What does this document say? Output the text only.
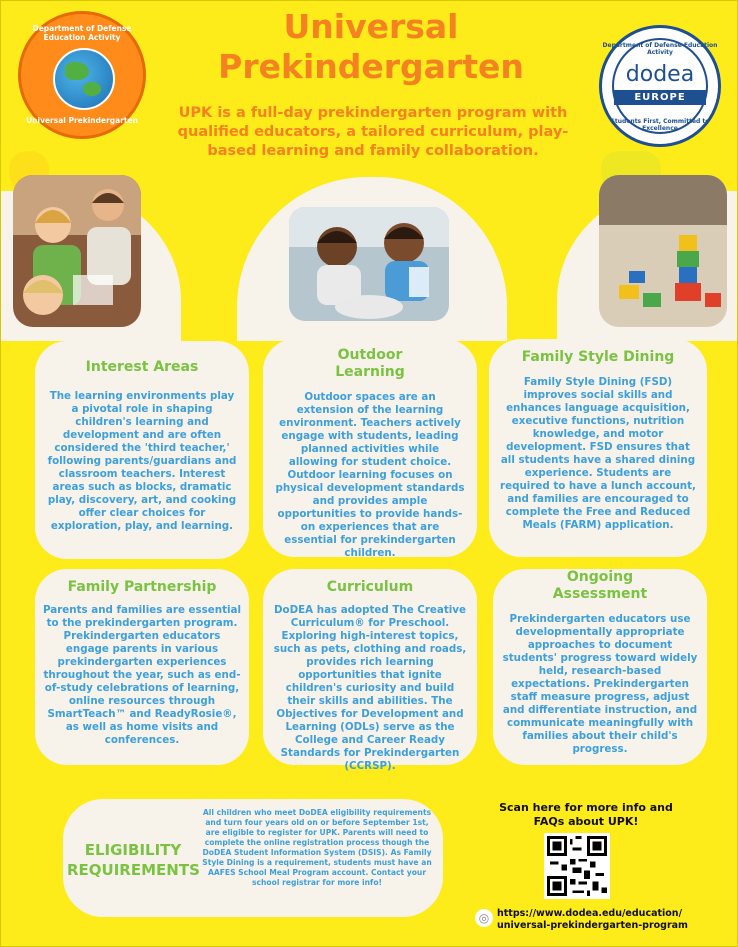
Universal Prekindergarten
UPK is a full-day prekindergarten program with qualified educators, a tailored curriculum, play-based learning and family collaboration.
Department of Defense Education Activity
Universal Prekindergarten
Department of Defense Education Activity
dodea
EUROPE
Students First, Committed to Excellence
Interest Areas
The learning environments play a pivotal role in shaping children's learning and development and are often considered the 'third teacher,' following parents/guardians and classroom teachers. Interest areas such as blocks, dramatic play, discovery, art, and cooking offer clear choices for exploration, play, and learning.
Outdoor Learning
Outdoor spaces are an extension of the learning environment. Teachers actively engage with students, leading planned activities while allowing for student choice. Outdoor learning focuses on physical development standards and provides ample opportunities to provide hands-on experiences that are essential for prekindergarten children.
Family Style Dining
Family Style Dining (FSD) improves social skills and enhances language acquisition, executive functions, nutrition knowledge, and motor development. FSD ensures that all students have a shared dining experience. Students are required to have a lunch account, and families are encouraged to complete the Free and Reduced Meals (FARM) application.
Family Partnership
Parents and families are essential to the prekindergarten program. Prekindergarten educators engage parents in various prekindergarten experiences throughout the year, such as end-of-study celebrations of learning, online resources through SmartTeach™ and ReadyRosie®, as well as home visits and conferences.
Curriculum
DoDEA has adopted The Creative Curriculum® for Preschool. Exploring high-interest topics, such as pets, clothing and roads, provides rich learning opportunities that ignite children's curiosity and build their skills and abilities. The Objectives for Development and Learning (ODLs) serve as the College and Career Ready Standards for Prekindergarten (CCRSP).
Ongoing Assessment
Prekindergarten educators use developmentally appropriate approaches to document students' progress toward widely held, research-based expectations. Prekindergarten staff measure progress, adjust and differentiate instruction, and communicate meaningfully with families about their child's progress.
ELIGIBILITY REQUIREMENTS
All children who meet DoDEA eligibility requirements and turn four years old on or before September 1st, are eligible to register for UPK. Parents will need to complete the online registration process though the DoDEA Student Information System (DSIS). As Family Style Dining is a requirement, students must have an AAFES School Meal Program account. Contact your school registrar for more info!
Scan here for more info and FAQs about UPK!
◎ https://www.dodea.edu/education/ universal-prekindergarten-program
